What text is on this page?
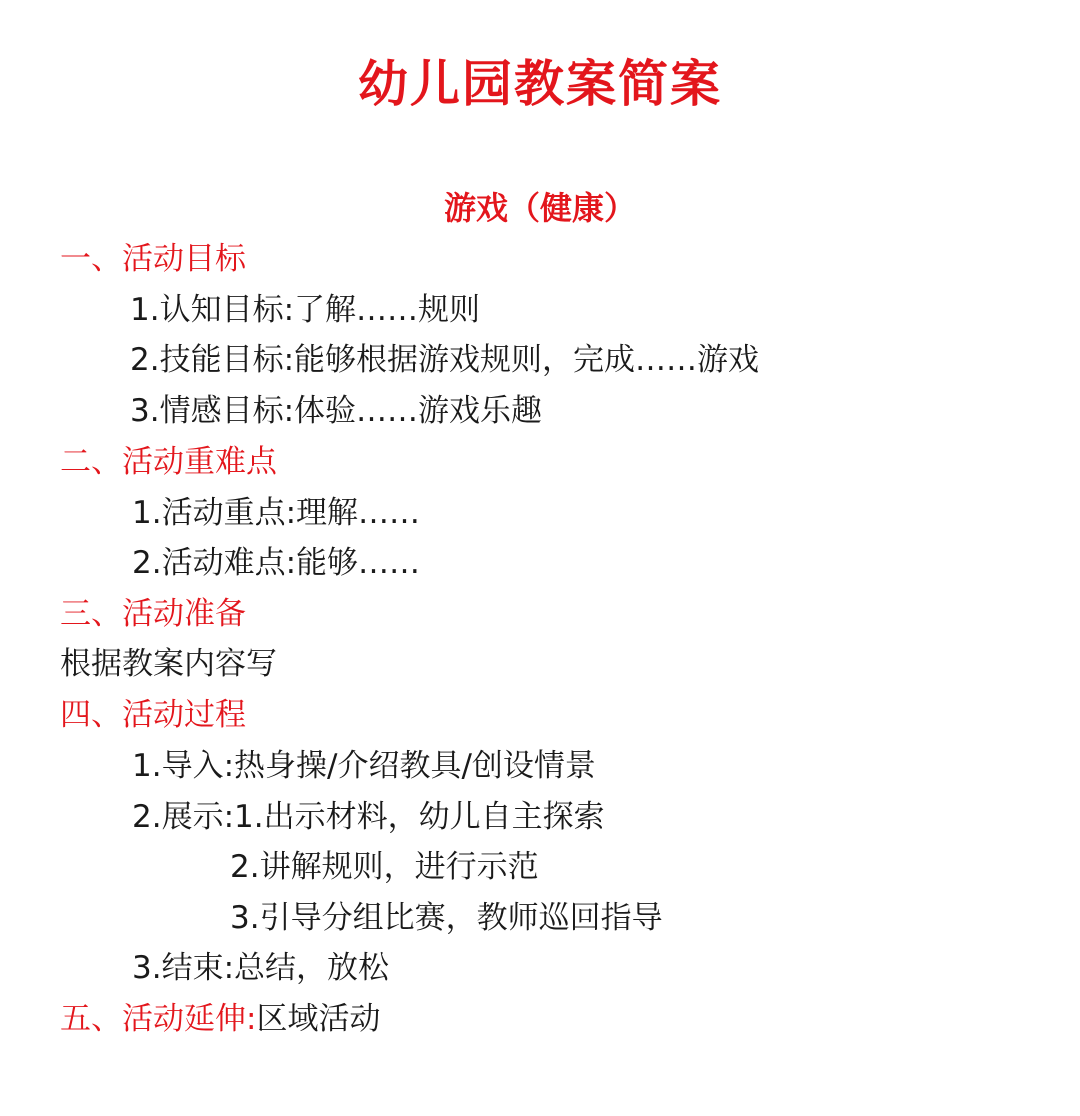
幼儿园教案简案
游戏（健康）
一、活动目标
1.认知目标:了解……规则
2.技能目标:能够根据游戏规则，完成……游戏
3.情感目标:体验……游戏乐趣
二、活动重难点
1.活动重点:理解……
2.活动难点:能够……
三、活动准备
根据教案内容写
四、活动过程
1.导入:热身操/介绍教具/创设情景
2.展示:1.出示材料，幼儿自主探索
2.讲解规则，进行示范
3.引导分组比赛，教师巡回指导
3.结束:总结，放松
五、活动延伸:区域活动
